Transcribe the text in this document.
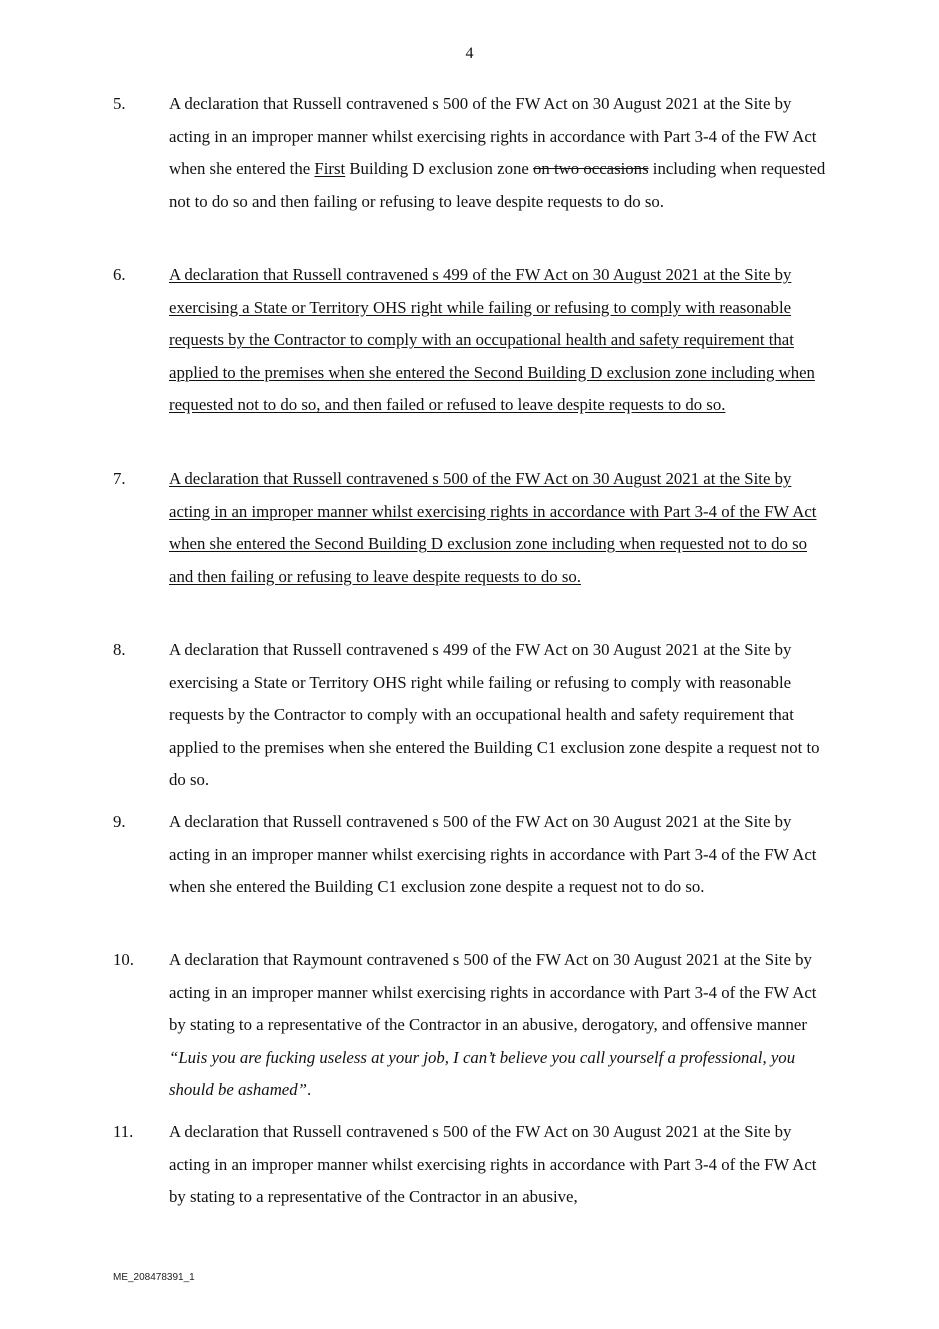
4
5.	A declaration that Russell contravened s 500 of the FW Act on 30 August 2021 at the Site by acting in an improper manner whilst exercising rights in accordance with Part 3-4 of the FW Act when she entered the First Building D exclusion zone on two occasions including when requested not to do so and then failing or refusing to leave despite requests to do so.
6.	A declaration that Russell contravened s 499 of the FW Act on 30 August 2021 at the Site by exercising a State or Territory OHS right while failing or refusing to comply with reasonable requests by the Contractor to comply with an occupational health and safety requirement that applied to the premises when she entered the Second Building D exclusion zone including when requested not to do so, and then failed or refused to leave despite requests to do so.
7.	A declaration that Russell contravened s 500 of the FW Act on 30 August 2021 at the Site by acting in an improper manner whilst exercising rights in accordance with Part 3-4 of the FW Act when she entered the Second Building D exclusion zone including when requested not to do so and then failing or refusing to leave despite requests to do so.
8.	A declaration that Russell contravened s 499 of the FW Act on 30 August 2021 at the Site by exercising a State or Territory OHS right while failing or refusing to comply with reasonable requests by the Contractor to comply with an occupational health and safety requirement that applied to the premises when she entered the Building C1 exclusion zone despite a request not to do so.
9.	A declaration that Russell contravened s 500 of the FW Act on 30 August 2021 at the Site by acting in an improper manner whilst exercising rights in accordance with Part 3-4 of the FW Act when she entered the Building C1 exclusion zone despite a request not to do so.
10.	A declaration that Raymount contravened s 500 of the FW Act on 30 August 2021 at the Site by acting in an improper manner whilst exercising rights in accordance with Part 3-4 of the FW Act by stating to a representative of the Contractor in an abusive, derogatory, and offensive manner “Luis you are fucking useless at your job, I can’t believe you call yourself a professional, you should be ashamed”.
11.	A declaration that Russell contravened s 500 of the FW Act on 30 August 2021 at the Site by acting in an improper manner whilst exercising rights in accordance with Part 3-4 of the FW Act by stating to a representative of the Contractor in an abusive,
ME_208478391_1
